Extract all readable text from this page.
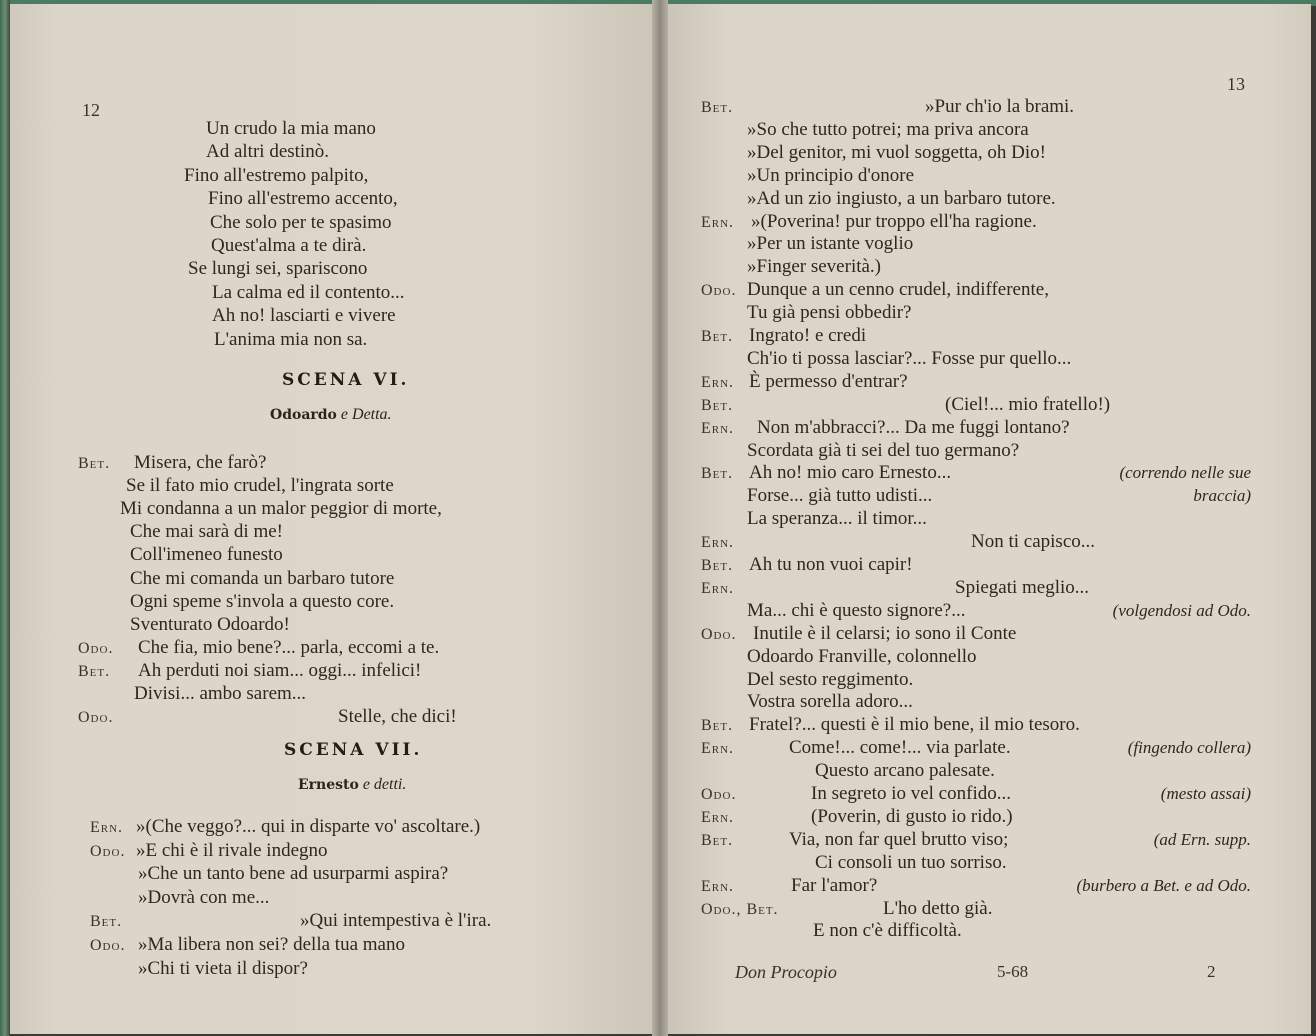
12
Un crudo la mia mano
Ad altri destinò.
Fino all'estremo palpito,
Fino all'estremo accento,
Che solo per te spasimo
Quest'alma a te dirà.
Se lungi sei, spariscono
La calma ed il contento...
Ah no! lasciarti e vivere
L'anima mia non sa.
SCENA VI.
Odoardo e Detta.
Bet. Misera, che farò?
Se il fato mio crudel, l'ingrata sorte
Mi condanna a un malor peggior di morte,
Che mai sarà di me!
Coll'imeneo funesto
Che mi comanda un barbaro tutore
Ogni speme s'invola a questo core.
Sventurato Odoardo!
Odo. Che fia, mio bene?... parla, eccomi a te.
Bet. Ah perduti noi siam... oggi... infelici!
Divisi... ambo sarem...
Odo.	Stelle, che dici!
SCENA VII.
Ernesto e detti.
Ern. »(Che veggo?... qui in disparte vo' ascoltare.)
Odo. »E chi è il rivale indegno
»Che un tanto bene ad usurparmi aspira?
»Dovrà con me...
Bet.	»Qui intempestiva è l'ira.
Odo. »Ma libera non sei? della tua mano
»Chi ti vieta il dispor?
13
Bet.	»Pur ch'io la brami.
»So che tutto potrei; ma priva ancora
»Del genitor, mi vuol soggetta, oh Dio!
»Un principio d'onore
»Ad un zio ingiusto, a un barbaro tutore.
Ern. »(Poverina! pur troppo ell'ha ragione.
»Per un istante voglio
»Finger severità.)
Odo. Dunque a un cenno crudel, indifferente,
Tu già pensi obbedir?
Bet. Ingrato! e credi
Ch'io ti possa lasciar?... Fosse pur quello...
Ern. È permesso d'entrar?
Bet.	(Ciel!... mio fratello!)
Ern. Non m'abbracci?... Da me fuggi lontano?
Scordata già ti sei del tuo germano?
Bet. Ah no! mio caro Ernesto...	(correndo nelle sue
Forse... già tutto udisti...	braccia)
La speranza... il timor...
Ern.	Non ti capisco...
Bet. Ah tu non vuoi capir!
Ern.	Spiegati meglio...
Ma... chi è questo signore?...	(volgendosi ad Odo.
Odo. Inutile è il celarsi; io sono il Conte
Odoardo Franville, colonnello
Del sesto reggimento.
Vostra sorella adoro...
Bet. Fratel?... questi è il mio bene, il mio tesoro.
Ern.	Come!... come!... via parlate.	(fingendo collera)
Questo arcano palesate.
Odo.	In segreto io vel confido...	(mesto assai)
Ern.	(Poverin, di gusto io rido.)
Bet.	Via, non far quel brutto viso;	(ad Ern. supp.
Ci consoli un tuo sorriso.
Ern.	Far l'amor?	(burbero a Bet. e ad Odo.
Odo., Bet.	L'ho detto già.
E non c'è difficoltà.
Don Procopio	5-68	2
